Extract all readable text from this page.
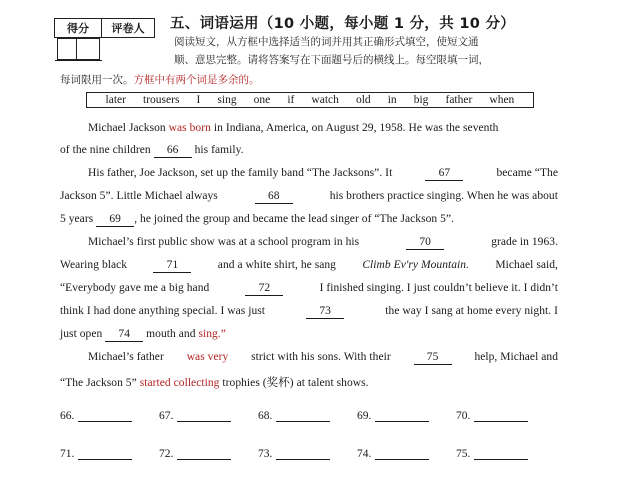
得分	评卷人
	五、词语运用（10 小题，每小题 1 分，共 10 分）
阅读短文，从方框中选择适当的词并用其正确形式填空，使短文通
顺、意思完整。请将答案写在下面题号后的横线上。每空限填一词，
每词限用一次。方框中有两个词是多余的。
later trousers I sing one if watch old in big father when
Michael Jackson was born in Indiana, America, on August 29, 1958. He was the seventh
of the nine children 66 his family.
His father, Joe Jackson, set up the family band “The Jacksons”. It	67	became “The
Jackson 5”. Little Michael always	68	his brothers practice singing. When he was about
5 years 69 , he joined the group and became the lead singer of “The Jackson 5”.
Michael’s first public show was at a school program in his	70	grade in 1963.
Wearing black	71	and a white shirt, he sang Climb Ev'ry Mountain. Michael said,
“Everybody gave me a big hand	72	I finished singing. I just couldn’t believe it. I didn’t
think I had done anything special. I was just	73	the way I sang at home every night. I
just open 74 mouth and sing.”
Michael’s father was very strict with his sons. With their	75	help, Michael and
“The Jackson 5” started collecting trophies (奖杯) at talent shows.
66.	67.	68.	69.	70.
71.	72.	73.	74.	75.
